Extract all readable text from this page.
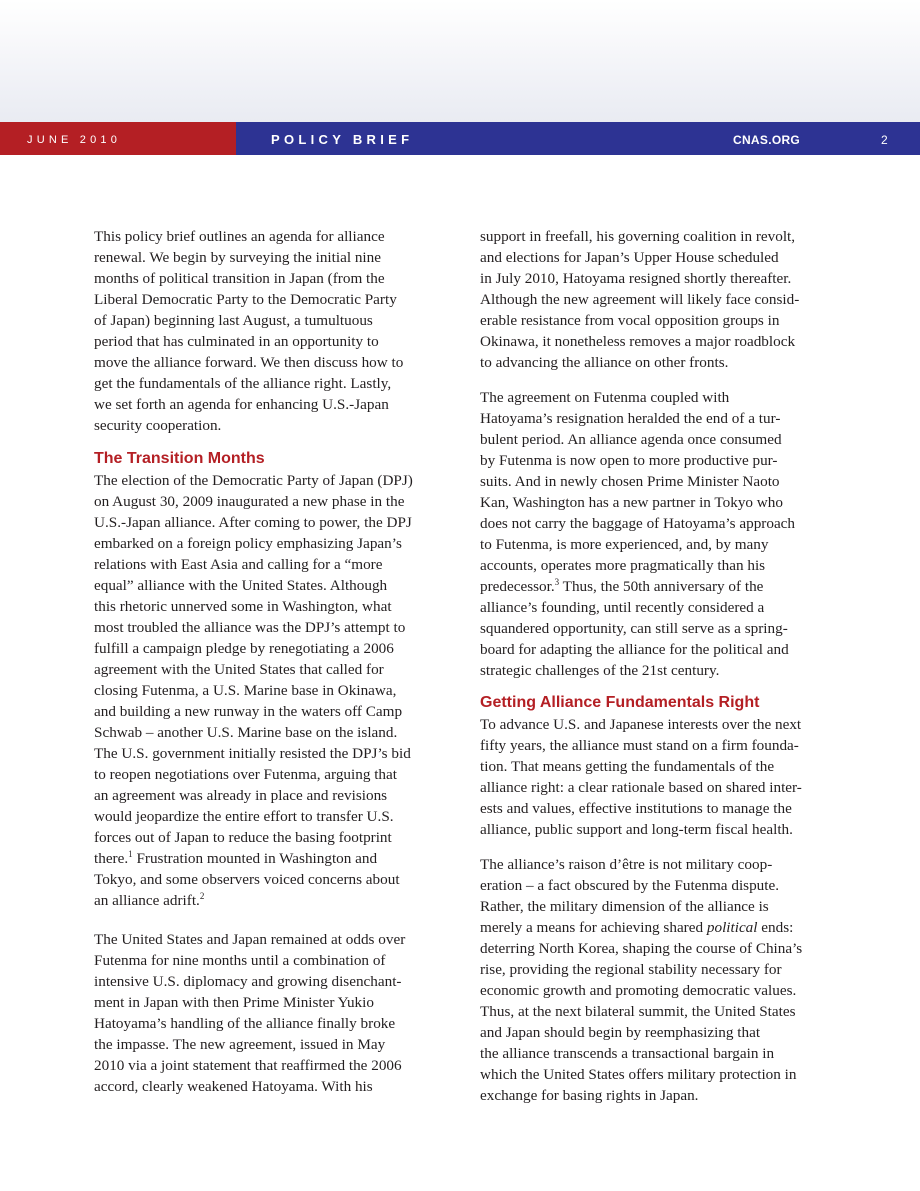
JUNE 2010	POLICY BRIEF	CNAS.ORG	2

This policy brief outlines an agenda for alliance
renewal. We begin by surveying the initial nine
months of political transition in Japan (from the
Liberal Democratic Party to the Democratic Party
of Japan) beginning last August, a tumultuous
period that has culminated in an opportunity to
move the alliance forward. We then discuss how to
get the fundamentals of the alliance right. Lastly,
we set forth an agenda for enhancing U.S.-Japan
security cooperation.

The Transition Months

The election of the Democratic Party of Japan (DPJ)
on August 30, 2009 inaugurated a new phase in the
U.S.-Japan alliance. After coming to power, the DPJ
embarked on a foreign policy emphasizing Japan’s
relations with East Asia and calling for a “more
equal” alliance with the United States. Although
this rhetoric unnerved some in Washington, what
most troubled the alliance was the DPJ’s attempt to
fulfill a campaign pledge by renegotiating a 2006
agreement with the United States that called for
closing Futenma, a U.S. Marine base in Okinawa,
and building a new runway in the waters off Camp
Schwab – another U.S. Marine base on the island.
The U.S. government initially resisted the DPJ’s bid
to reopen negotiations over Futenma, arguing that
an agreement was already in place and revisions
would jeopardize the entire effort to transfer U.S.
forces out of Japan to reduce the basing footprint
there.$^1$ Frustration mounted in Washington and
Tokyo, and some observers voiced concerns about
an alliance adrift.$^2$

The United States and Japan remained at odds over
Futenma for nine months until a combination of
intensive U.S. diplomacy and growing disenchant-
ment in Japan with then Prime Minister Yukio
Hatoyama’s handling of the alliance finally broke
the impasse. The new agreement, issued in May
2010 via a joint statement that reaffirmed the 2006
accord, clearly weakened Hatoyama. With his

support in freefall, his governing coalition in revolt,
and elections for Japan’s Upper House scheduled
in July 2010, Hatoyama resigned shortly thereafter.
Although the new agreement will likely face consid-
erable resistance from vocal opposition groups in
Okinawa, it nonetheless removes a major roadblock
to advancing the alliance on other fronts.

The agreement on Futenma coupled with
Hatoyama’s resignation heralded the end of a tur-
bulent period. An alliance agenda once consumed
by Futenma is now open to more productive pur-
suits. And in newly chosen Prime Minister Naoto
Kan, Washington has a new partner in Tokyo who
does not carry the baggage of Hatoyama’s approach
to Futenma, is more experienced, and, by many
accounts, operates more pragmatically than his
predecessor.$^3$ Thus, the 50th anniversary of the
alliance’s founding, until recently considered a
squandered opportunity, can still serve as a spring-
board for adapting the alliance for the political and
strategic challenges of the 21st century.

Getting Alliance Fundamentals Right

To advance U.S. and Japanese interests over the next
fifty years, the alliance must stand on a firm founda-
tion. That means getting the fundamentals of the
alliance right: a clear rationale based on shared inter-
ests and values, effective institutions to manage the
alliance, public support and long-term fiscal health.

The alliance’s raison d’être is not military coop-
eration – a fact obscured by the Futenma dispute.
Rather, the military dimension of the alliance is
merely a means for achieving shared political ends:
deterring North Korea, shaping the course of China’s
rise, providing the regional stability necessary for
economic growth and promoting democratic values.
Thus, at the next bilateral summit, the United States
and Japan should begin by reemphasizing that
the alliance transcends a transactional bargain in
which the United States offers military protection in
exchange for basing rights in Japan.
